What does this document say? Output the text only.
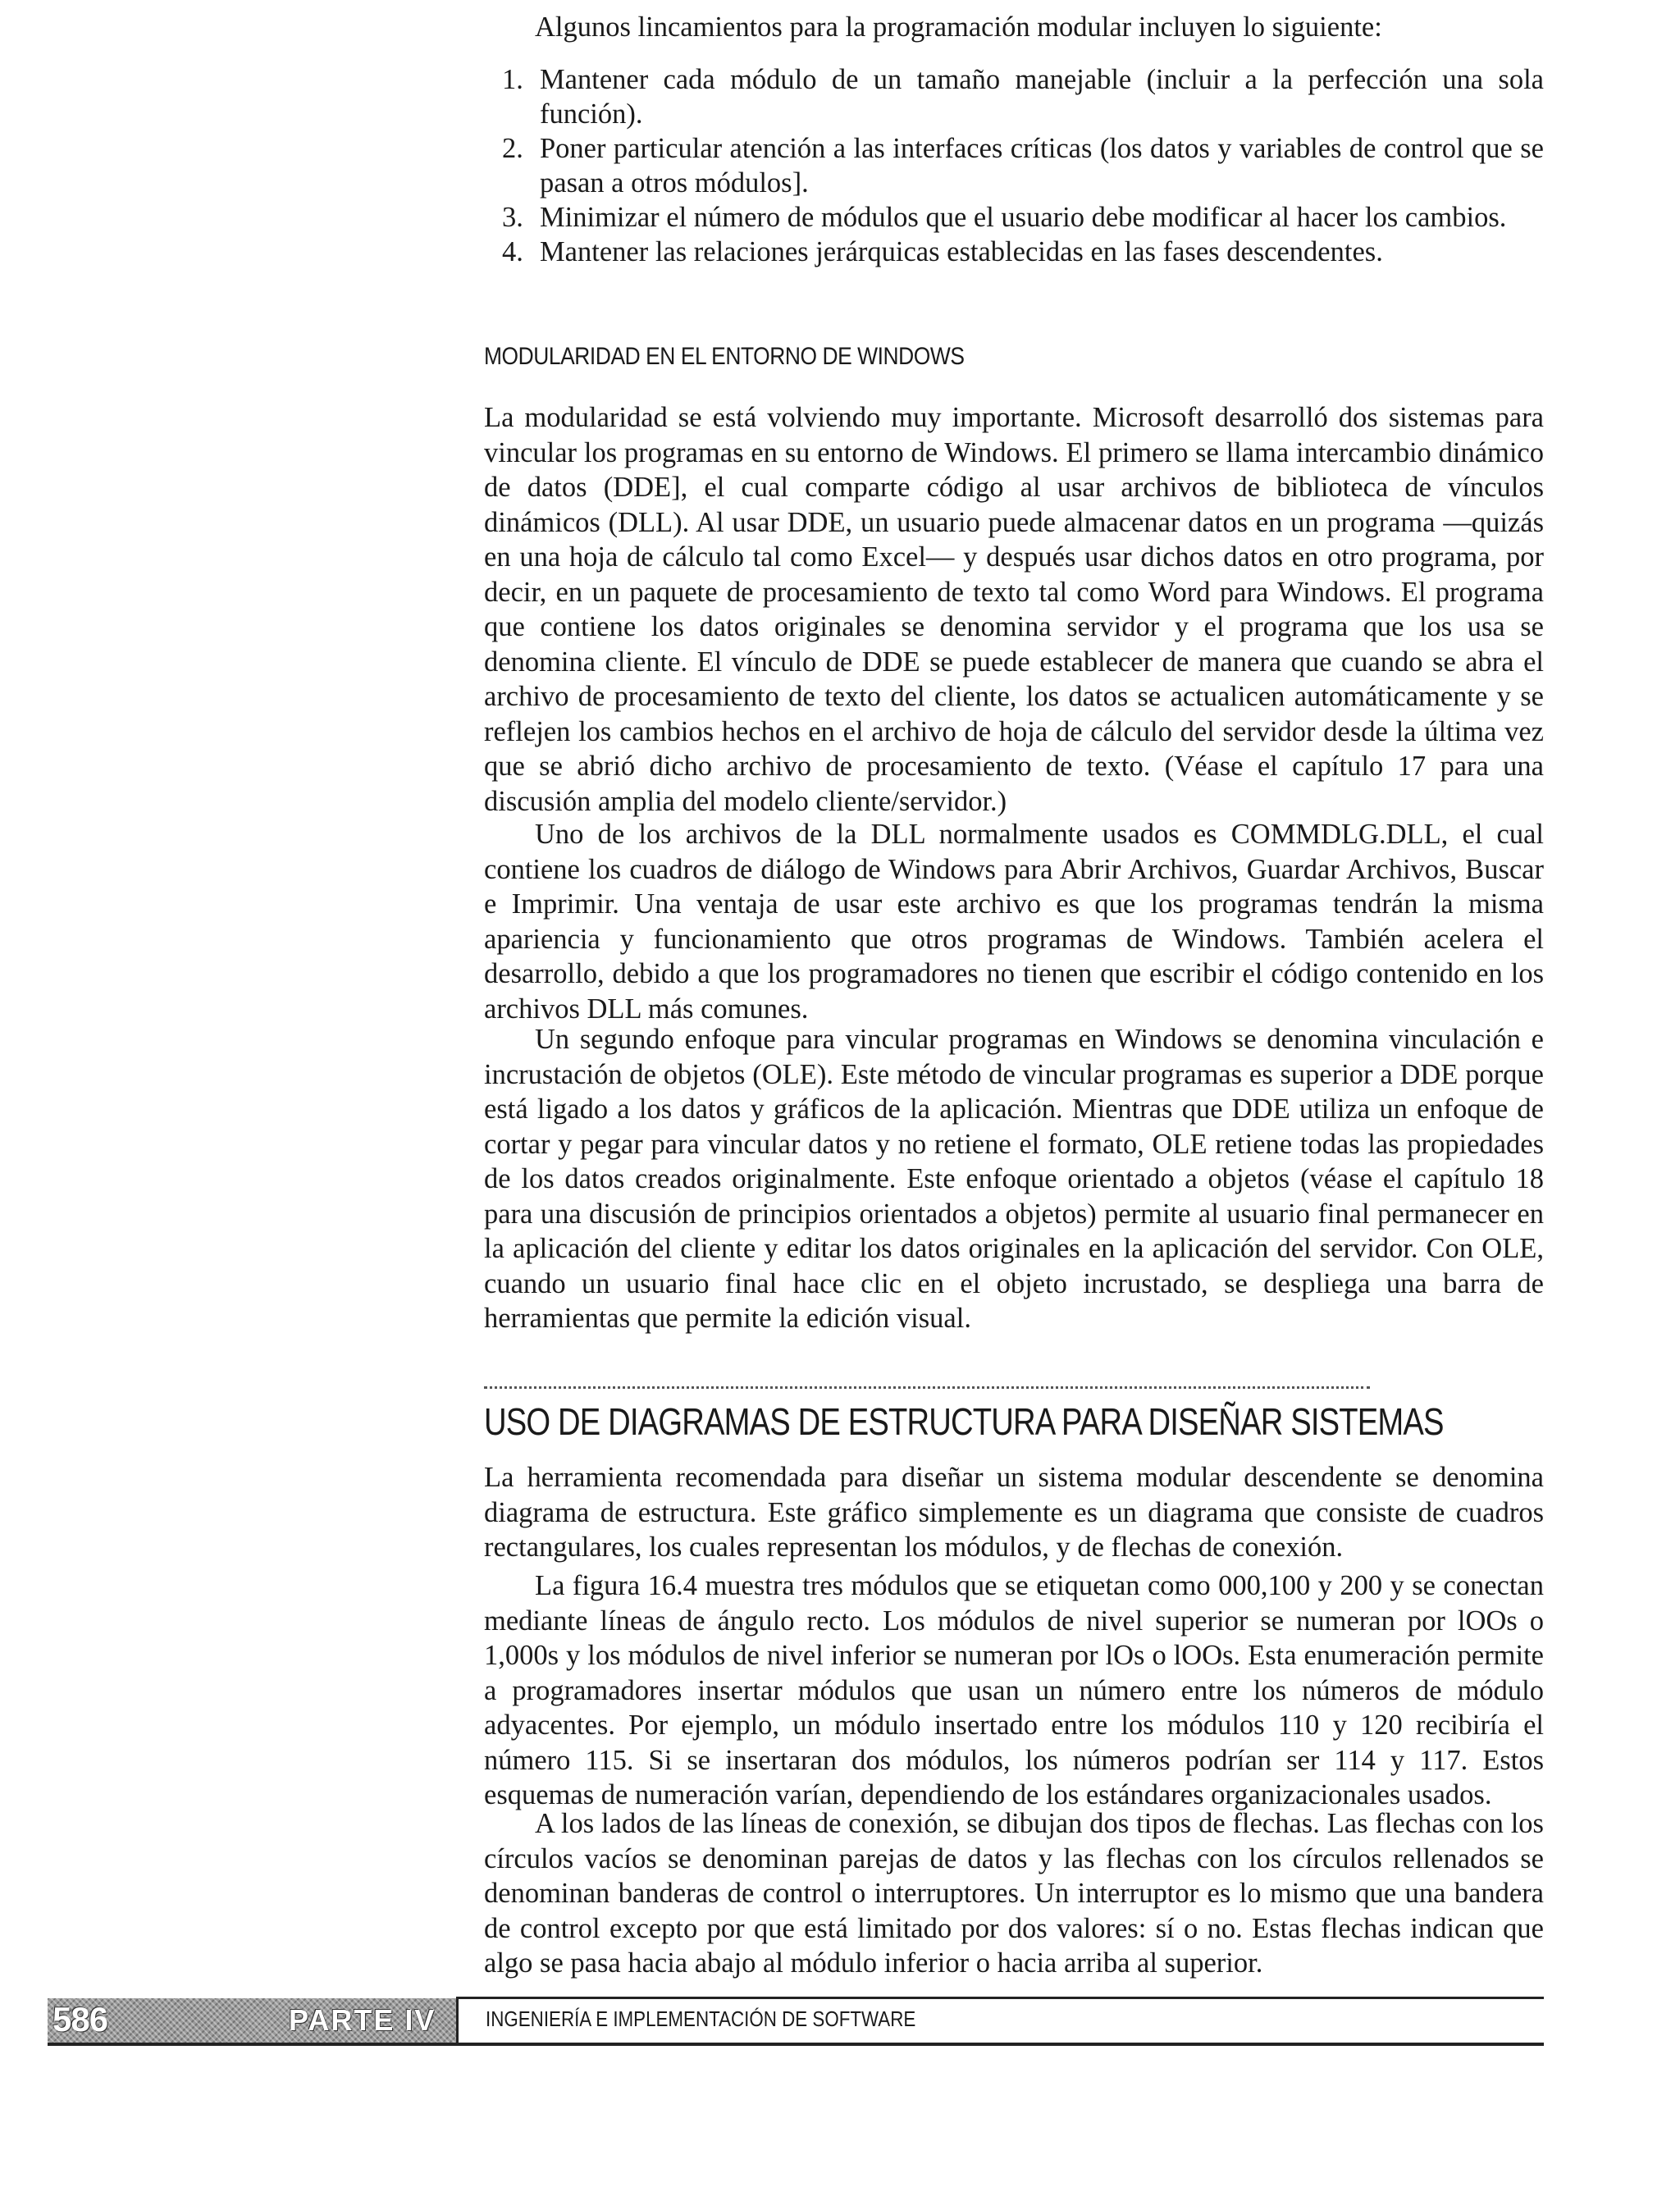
Algunos lincamientos para la programación modular incluyen lo siguiente:

1. Mantener cada módulo de un tamaño manejable (incluir a la perfección una sola función).
2. Poner particular atención a las interfaces críticas (los datos y variables de control que se pasan a otros módulos].
3. Minimizar el número de módulos que el usuario debe modificar al hacer los cambios.
4. Mantener las relaciones jerárquicas establecidas en las fases descendentes.
MODULARIDAD EN EL ENTORNO DE WINDOWS

La modularidad se está volviendo muy importante. Microsoft desarrolló dos sistemas para vincular los programas en su entorno de Windows. El primero se llama intercambio dinámico de datos (DDE], el cual comparte código al usar archivos de biblioteca de vínculos dinámicos (DLL). Al usar DDE, un usuario puede almacenar datos en un programa —quizás en una hoja de cálculo tal como Excel— y después usar dichos datos en otro programa, por decir, en un paquete de procesamiento de texto tal como Word para Windows. El programa que contiene los datos originales se denomina servidor y el programa que los usa se denomina cliente. El vínculo de DDE se puede establecer de manera que cuando se abra el archivo de procesamiento de texto del cliente, los datos se actualicen automáticamente y se reflejen los cambios hechos en el archivo de hoja de cálculo del servidor desde la última vez que se abrió dicho archivo de procesamiento de texto. (Véase el capítulo 17 para una discusión amplia del modelo cliente/servidor.)

Uno de los archivos de la DLL normalmente usados es COMMDLG.DLL, el cual contiene los cuadros de diálogo de Windows para Abrir Archivos, Guardar Archivos, Buscar e Imprimir. Una ventaja de usar este archivo es que los programas tendrán la misma apariencia y funcionamiento que otros programas de Windows. También acelera el desarrollo, debido a que los programadores no tienen que escribir el código contenido en los archivos DLL más comunes.

Un segundo enfoque para vincular programas en Windows se denomina vinculación e incrustación de objetos (OLE). Este método de vincular programas es superior a DDE porque está ligado a los datos y gráficos de la aplicación. Mientras que DDE utiliza un enfoque de cortar y pegar para vincular datos y no retiene el formato, OLE retiene todas las propiedades de los datos creados originalmente. Este enfoque orientado a objetos (véase el capítulo 18 para una discusión de principios orientados a objetos) permite al usuario final permanecer en la aplicación del cliente y editar los datos originales en la aplicación del servidor. Con OLE, cuando un usuario final hace clic en el objeto incrustado, se despliega una barra de herramientas que permite la edición visual.

USO DE DIAGRAMAS DE ESTRUCTURA PARA DISEÑAR SISTEMAS

La herramienta recomendada para diseñar un sistema modular descendente se denomina diagrama de estructura. Este gráfico simplemente es un diagrama que consiste de cuadros rectangulares, los cuales representan los módulos, y de flechas de conexión.

La figura 16.4 muestra tres módulos que se etiquetan como 000,100 y 200 y se conectan mediante líneas de ángulo recto. Los módulos de nivel superior se numeran por lOOs o 1,000s y los módulos de nivel inferior se numeran por lOs o lOOs. Esta enumeración permite a programadores insertar módulos que usan un número entre los números de módulo adyacentes. Por ejemplo, un módulo insertado entre los módulos 110 y 120 recibiría el número 115. Si se insertaran dos módulos, los números podrían ser 114 y 117. Estos esquemas de numeración varían, dependiendo de los estándares organizacionales usados.

A los lados de las líneas de conexión, se dibujan dos tipos de flechas. Las flechas con los círculos vacíos se denominan parejas de datos y las flechas con los círculos rellenados se denominan banderas de control o interruptores. Un interruptor es lo mismo que una bandera de control excepto por que está limitado por dos valores: sí o no. Estas flechas indican que algo se pasa hacia abajo al módulo inferior o hacia arriba al superior.

586	PARTE IV INGENIERÍA E IMPLEMENTACIÓN DE SOFTWARE
